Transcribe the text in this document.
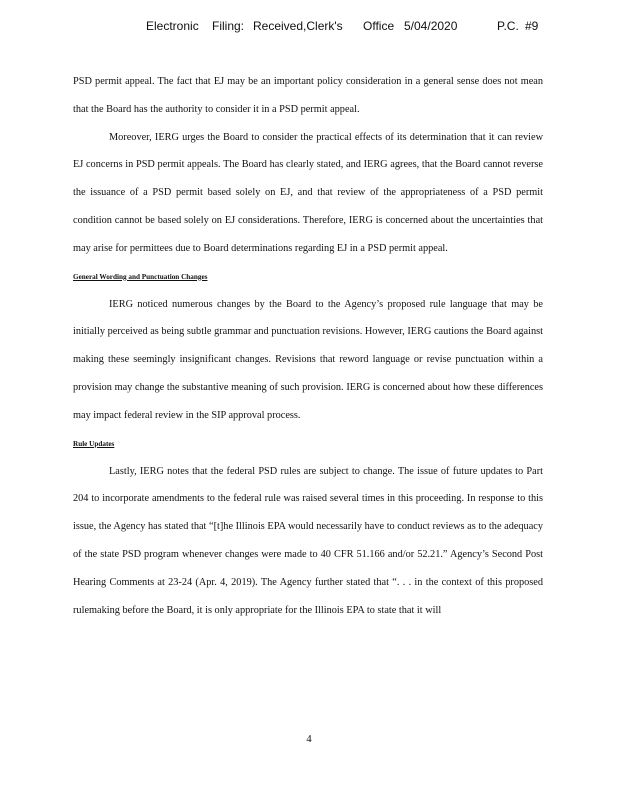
Electronic Filing: Received,Clerk's Office 5/04/2020	P.C. #9

PSD permit appeal. The fact that EJ may be an important policy consideration in a general sense does not mean that the Board has the authority to consider it in a PSD permit appeal.

Moreover, IERG urges the Board to consider the practical effects of its determination that it can review EJ concerns in PSD permit appeals. The Board has clearly stated, and IERG agrees, that the Board cannot reverse the issuance of a PSD permit based solely on EJ, and that review of the appropriateness of a PSD permit condition cannot be based solely on EJ considerations. Therefore, IERG is concerned about the uncertainties that may arise for permittees due to Board determinations regarding EJ in a PSD permit appeal.

General Wording and Punctuation Changes

IERG noticed numerous changes by the Board to the Agency’s proposed rule language that may be initially perceived as being subtle grammar and punctuation revisions. However, IERG cautions the Board against making these seemingly insignificant changes. Revisions that reword language or revise punctuation within a provision may change the substantive meaning of such provision. IERG is concerned about how these differences may impact federal review in the SIP approval process.

Rule Updates

Lastly, IERG notes that the federal PSD rules are subject to change. The issue of future updates to Part 204 to incorporate amendments to the federal rule was raised several times in this proceeding. In response to this issue, the Agency has stated that “[t]he Illinois EPA would necessarily have to conduct reviews as to the adequacy of the state PSD program whenever changes were made to 40 CFR 51.166 and/or 52.21.” Agency’s Second Post Hearing Comments at 23-24 (Apr. 4, 2019). The Agency further stated that “. . . in the context of this proposed rulemaking before the Board, it is only appropriate for the Illinois EPA to state that it will

4
